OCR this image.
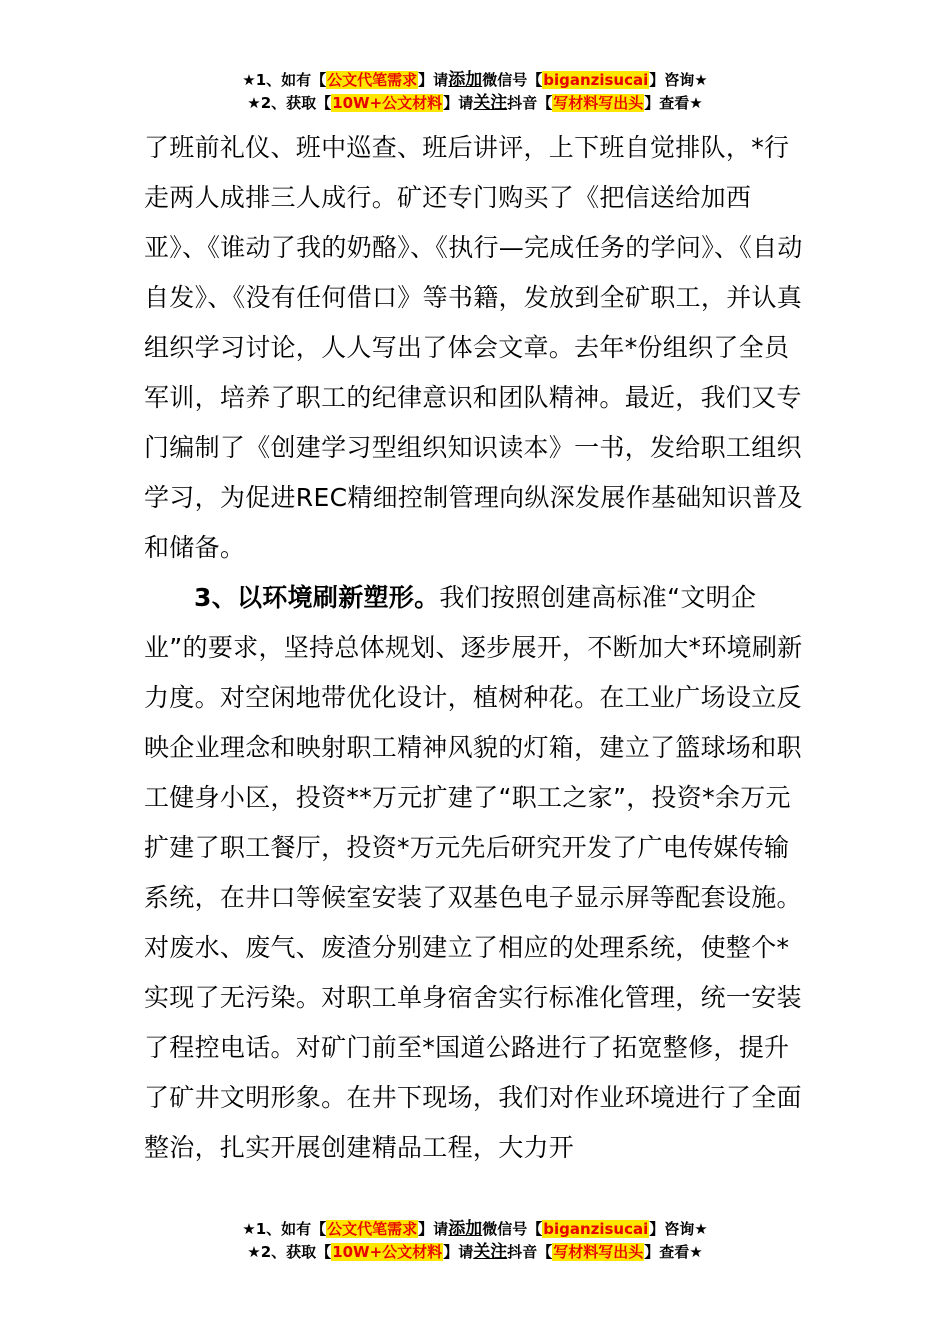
★1、如有【公文代笔需求】请添加微信号【biganzisucai】咨询★
★2、获取【10W+公文材料】请关注抖音【写材料写出头】查看★

了班前礼仪、班中巡查、班后讲评，上下班自觉排队，*行走两人成排三人成行。矿还专门购买了《把信送给加西亚》、《谁动了我的奶酪》、《执行—完成任务的学问》、《自动自发》、《没有任何借口》等书籍，发放到全矿职工，并认真组织学习讨论，人人写出了体会文章。去年*份组织了全员军训，培养了职工的纪律意识和团队精神。最近，我们又专门编制了《创建学习型组织知识读本》一书，发给职工组织学习，为促进REC精细控制管理向纵深发展作基础知识普及和储备。

3、以环境刷新塑形。我们按照创建高标准“文明企业”的要求，坚持总体规划、逐步展开，不断加大*环境刷新力度。对空闲地带优化设计，植树种花。在工业广场设立反映企业理念和映射职工精神风貌的灯箱，建立了篮球场和职工健身小区，投资**万元扩建了“职工之家”，投资*余万元扩建了职工餐厅，投资*万元先后研究开发了广电传媒传输系统，在井口等候室安装了双基色电子显示屏等配套设施。对废水、废气、废渣分别建立了相应的处理系统，使整个*实现了无污染。对职工单身宿舍实行标准化管理，统一安装了程控电话。对矿门前至*国道公路进行了拓宽整修，提升了矿井文明形象。在井下现场，我们对作业环境进行了全面整治，扎实开展创建精品工程，大力开

★1、如有【公文代笔需求】请添加微信号【biganzisucai】咨询★
★2、获取【10W+公文材料】请关注抖音【写材料写出头】查看★
